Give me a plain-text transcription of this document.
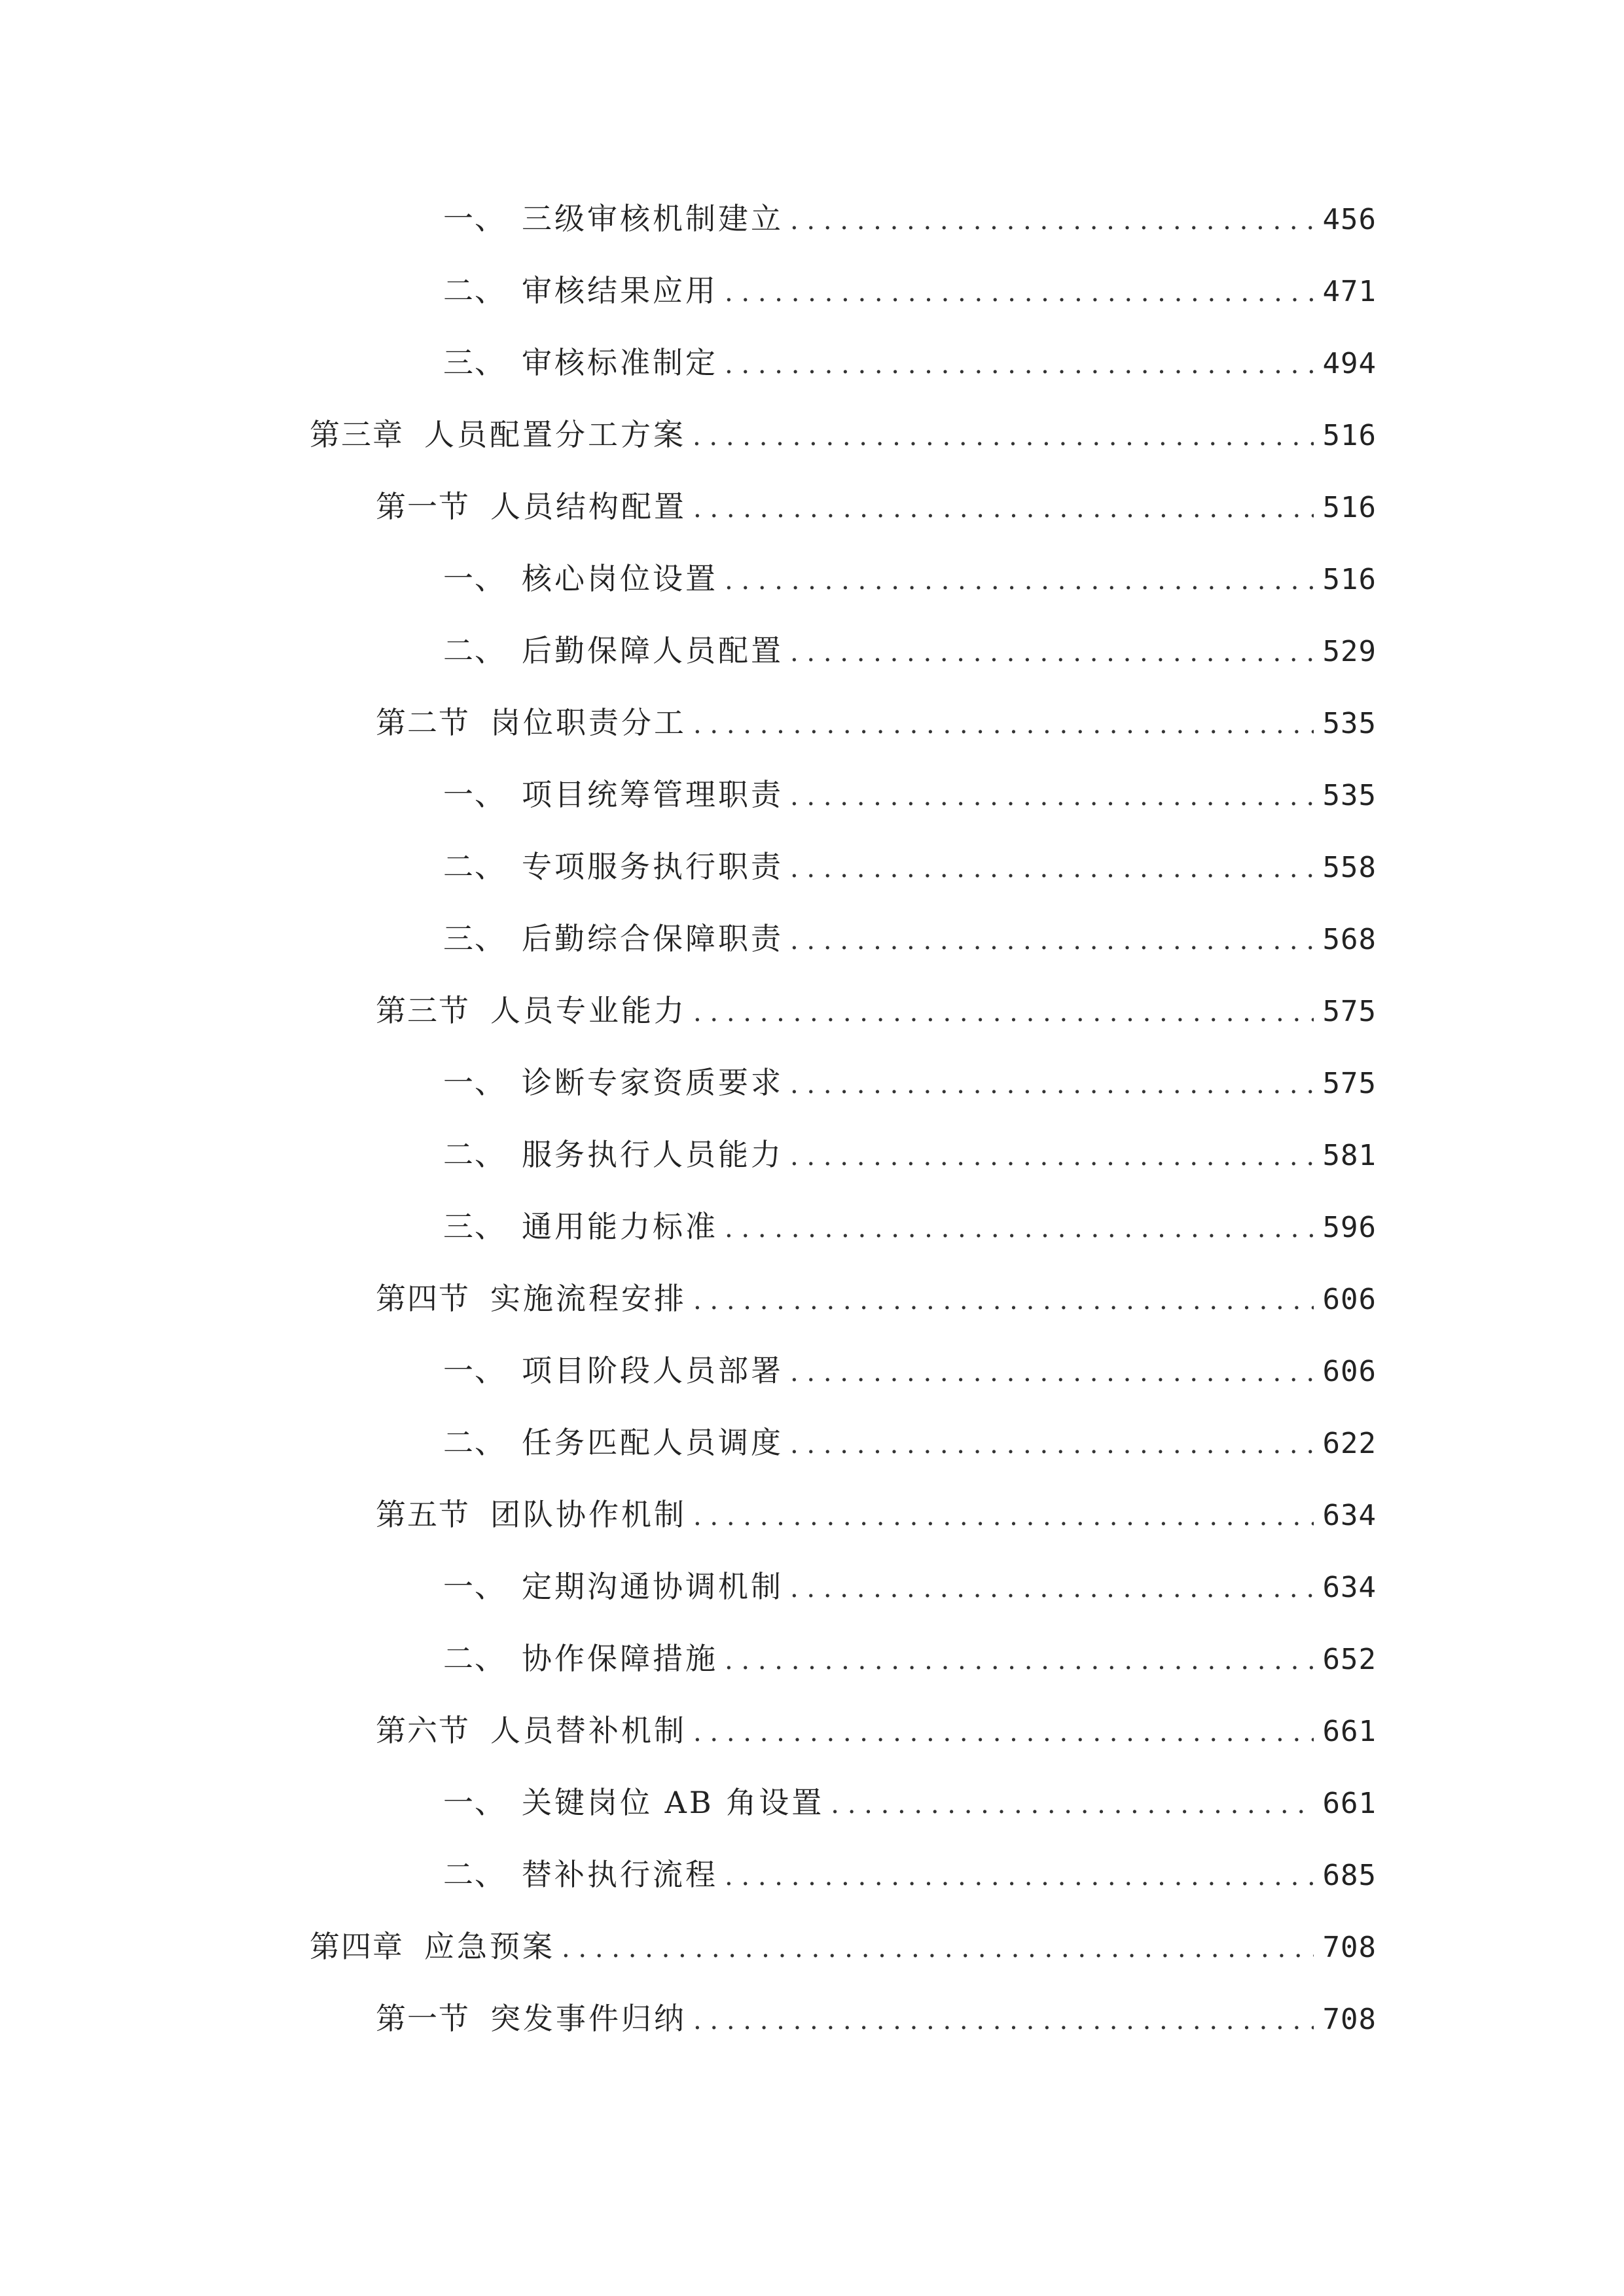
一、 三级审核机制建立 . . .	456
二、 审核结果应用 . . .	471
三、 审核标准制定 . . .	494
第三章 人员配置分工方案 . . .	516
第一节 人员结构配置 . . .	516
一、 核心岗位设置 . . .	516
二、 后勤保障人员配置 . . .	529
第二节 岗位职责分工 . . .	535
一、 项目统筹管理职责 . . .	535
二、 专项服务执行职责 . . .	558
三、 后勤综合保障职责 . . .	568
第三节 人员专业能力 . . .	575
一、 诊断专家资质要求 . . .	575
二、 服务执行人员能力 . . .	581
三、 通用能力标准 . . .	596
第四节 实施流程安排 . . .	606
一、 项目阶段人员部署 . . .	606
二、 任务匹配人员调度 . . .	622
第五节 团队协作机制 . . .	634
一、 定期沟通协调机制 . . .	634
二、 协作保障措施 . . .	652
第六节 人员替补机制 . . .	661
一、 关键岗位 AB 角设置 . . .	661
二、 替补执行流程 . . .	685
第四章 应急预案 . . .	708
第一节 突发事件归纳 . . .	708
